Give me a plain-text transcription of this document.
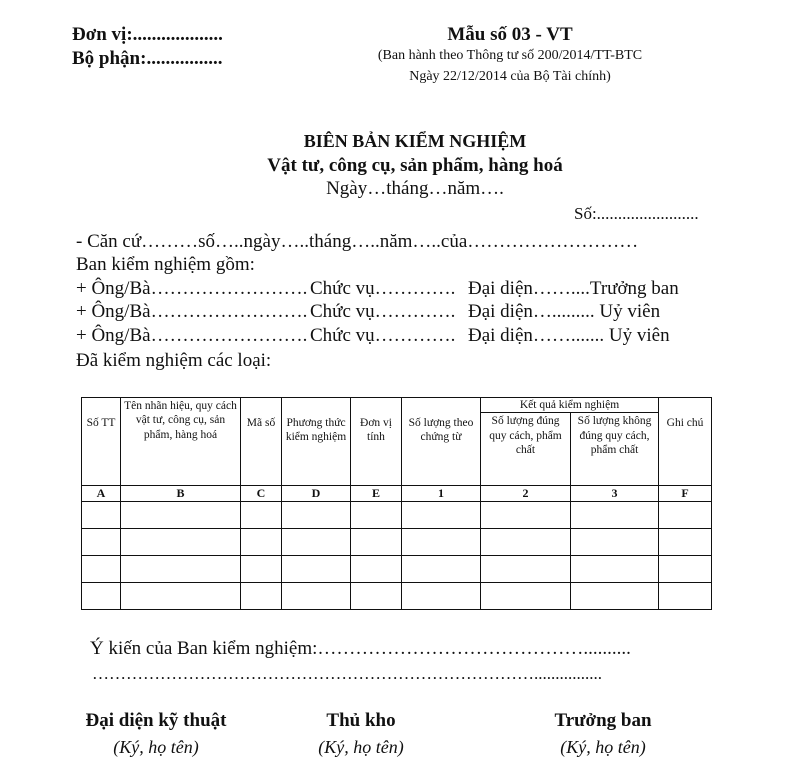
Đơn vị:...................
Bộ phận:................
Mẫu số 03 - VT
(Ban hành theo Thông tư số 200/2014/TT-BTC
Ngày 22/12/2014 của Bộ Tài chính)
BIÊN BẢN KIỂM NGHIỆM
Vật tư, công cụ, sản phẩm, hàng hoá
Ngày…tháng…năm….
Số:........................
- Căn cứ………số…..ngày…..tháng…..năm…..của………………………
Ban kiểm nghiệm gồm:
+ Ông/Bà……………………. Chức vụ…………. Đại diện……....Trưởng ban
+ Ông/Bà……………………. Chức vụ…………. Đại diện…......... Uỷ viên
+ Ông/Bà……………………. Chức vụ…………. Đại diện……....... Uỷ viên
Đã kiểm nghiệm các loại:
Số TT	Tên nhãn hiệu, quy cách vật tư, công cụ, sản phẩm, hàng hoá	Mã số	Phương thức kiểm nghiệm	Đơn vị tính	Số lượng theo chứng từ	Kết quả kiểm nghiệm		Ghi chú
						Số lượng đúng quy cách, phẩm chất	Số lượng không đúng quy cách, phẩm chất	
A	B	C	D	E	1	2	3	F

Ý kiến của Ban kiểm nghiệm:……………………………………..........
……………………………………………………………………................
Đại diện kỹ thuật	Thủ kho	Trưởng ban
(Ký, họ tên)	(Ký, họ tên)	(Ký, họ tên)
